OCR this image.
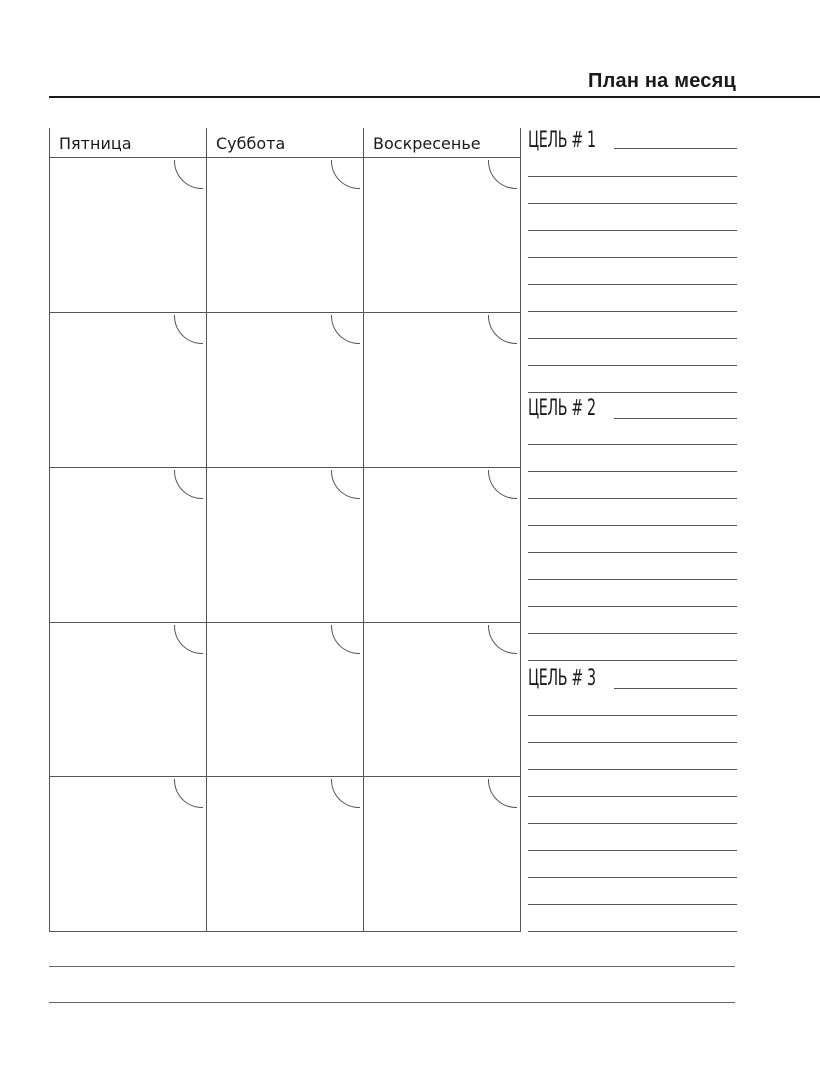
План на месяц
Пятница	Суббота	Воскресенье ЦЕЛЬ # 1
ЦЕЛЬ # 2
ЦЕЛЬ # 3
